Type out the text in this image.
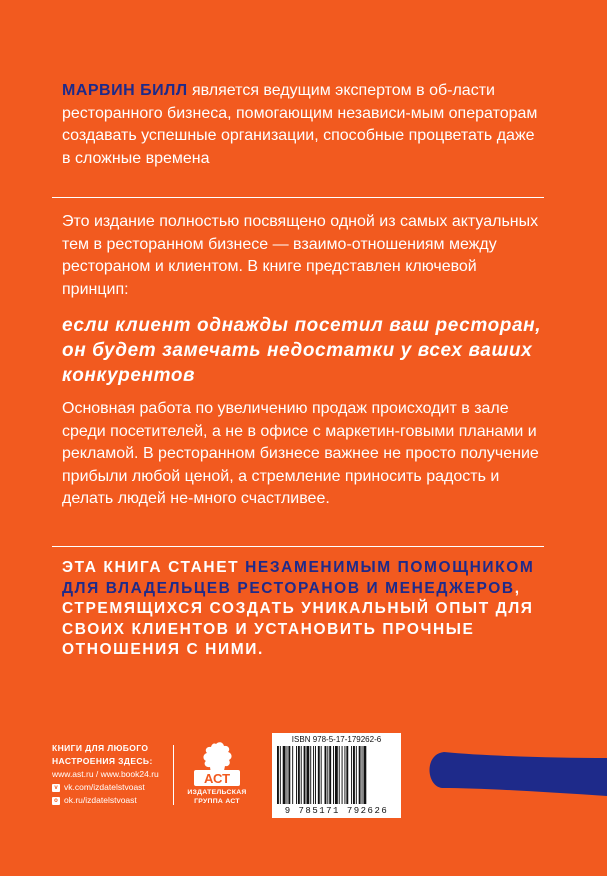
МАРВИН БИЛЛ является ведущим экспертом в об-ласти ресторанного бизнеса, помогающим независи-мым операторам создавать успешные организации, способные процветать даже в сложные времена

Это издание полностью посвящено одной из самых актуальных тем в ресторанном бизнесе — взаимо-отношениям между рестораном и клиентом. В книге представлен ключевой принцип:

если клиент однажды посетил ваш ресторан, он будет замечать недостатки у всех ваших конкурентов

Основная работа по увеличению продаж происходит в зале среди посетителей, а не в офисе с маркетин-говыми планами и рекламой. В ресторанном бизнесе важнее не просто получение прибыли любой ценой, а стремление приносить радость и делать людей не-много счастливее.

ЭТА КНИГА СТАНЕТ НЕЗАМЕНИМЫМ ПОМОЩНИКОМ ДЛЯ ВЛАДЕЛЬЦЕВ РЕСТОРАНОВ И МЕНЕДЖЕРОВ, СТРЕМЯЩИХСЯ СОЗДАТЬ УНИКАЛЬНЫЙ ОПЫТ ДЛЯ СВОИХ КЛИЕНТОВ И УСТАНОВИТЬ ПРОЧНЫЕ ОТНОШЕНИЯ С НИМИ.

КНИГИ ДЛЯ ЛЮБОГО
НАСТРОЕНИЯ ЗДЕСЬ:
www.ast.ru / www.book24.ru
v vk.com/izdatelstvoast
o ok.ru/izdatelstvoast
АСТ
ИЗДАТЕЛЬСКАЯ
ГРУППА АСТ
ISBN 978-5-17-179262-6
9 785171 792626
